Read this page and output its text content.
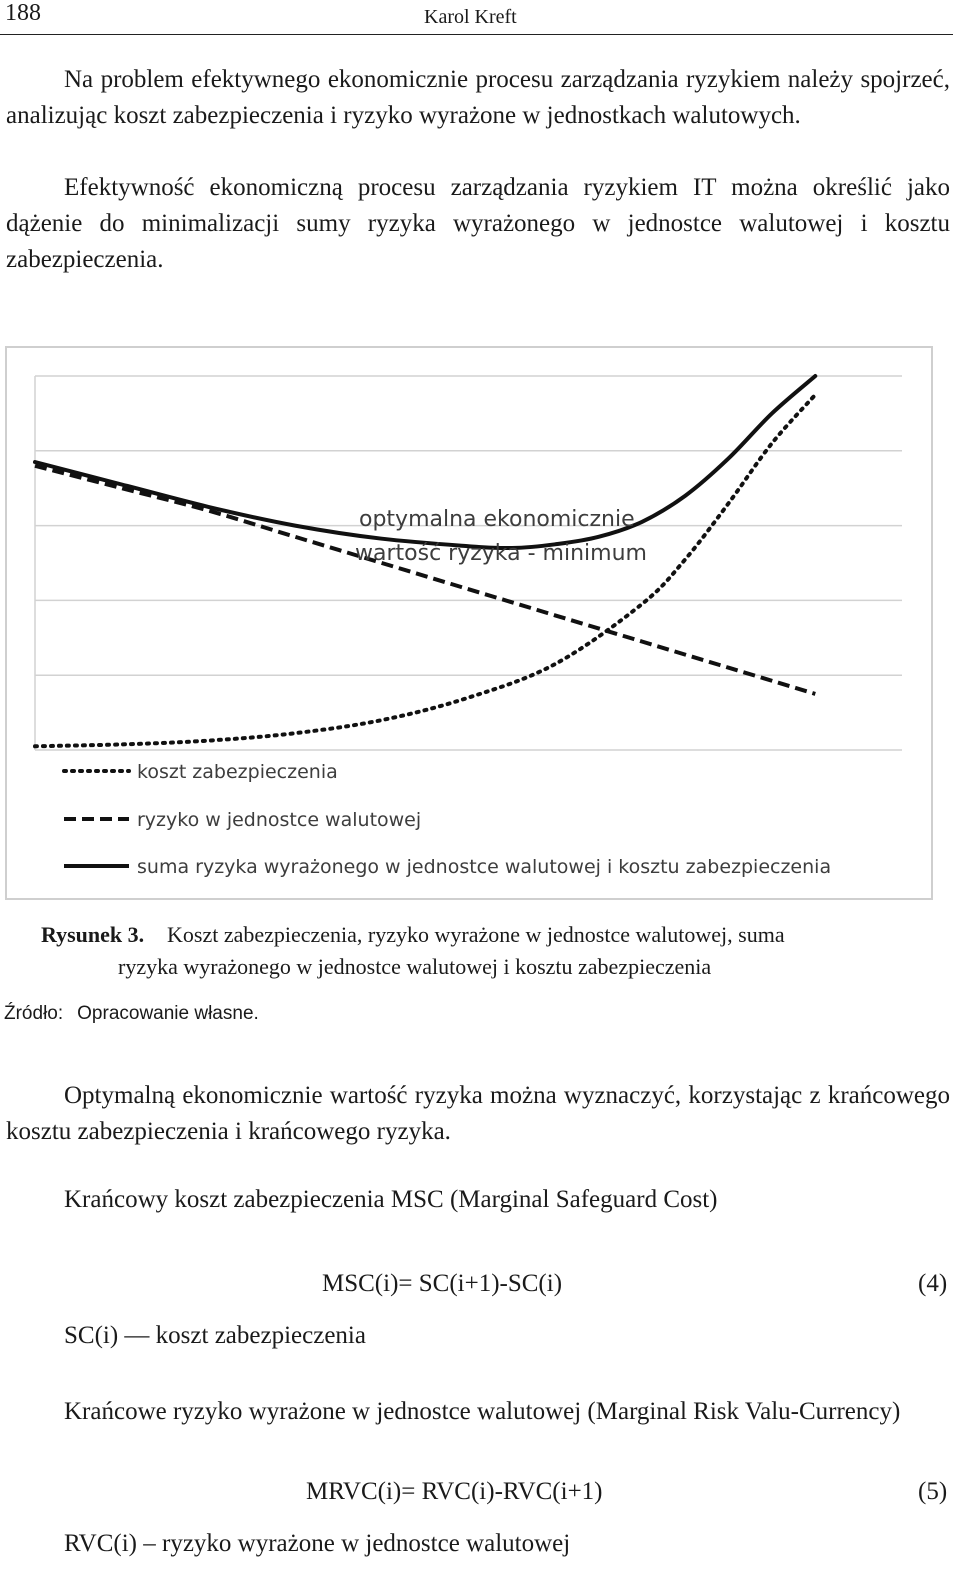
188	Karol Kreft

Na problem efektywnego ekonomicznie procesu zarządzania ryzykiem należy spojrzeć, analizując koszt zabezpieczenia i ryzyko wyrażone w jednostkach walutowych.

Efektywność ekonomiczną procesu zarządzania ryzykiem IT można określić jako dążenie do minimalizacji sumy ryzyka wyrażonego w jednostce walutowej i kosztu zabezpieczenia.

optymalna ekonomicznie
wartość ryzyka - minimum
koszt zabezpieczenia
ryzyko w jednostce walutowej
suma ryzyka wyrażonego w jednostce walutowej i kosztu zabezpieczenia
Rysunek 3. Koszt zabezpieczenia, ryzyko wyrażone w jednostce walutowej, suma
ryzyka wyrażonego w jednostce walutowej i kosztu zabezpieczenia
Źródło: Opracowanie własne.

Optymalną ekonomicznie wartość ryzyka można wyznaczyć, korzystając z krańcowego kosztu zabezpieczenia i krańcowego ryzyka.

Krańcowy koszt zabezpieczenia MSC (Marginal Safeguard Cost)
MSC(i)= SC(i+1)-SC(i)	(4)
SC(i) — koszt zabezpieczenia

Krańcowe ryzyko wyrażone w jednostce walutowej (Marginal Risk Valu-Currency)

MRVC(i)= RVC(i)-RVC(i+1)	(5)
RVC(i) – ryzyko wyrażone w jednostce walutowej
